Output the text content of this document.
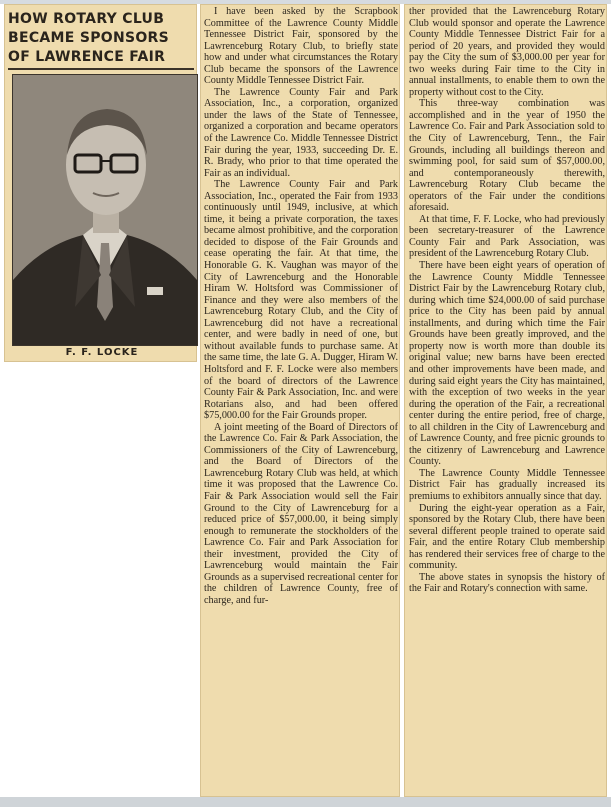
HOW ROTARY CLUB
BECAME SPONSORS
OF LAWRENCE FAIR
F. F. LOCKE

I have been asked by the Scrapbook Committee of the Lawrence County Middle Tennessee District Fair, sponsored by the Lawrenceburg Rotary Club, to briefly state how and under what circumstances the Rotary Club became the sponsors of the Lawrence County Middle Tennessee District Fair.

The Lawrence County Fair and Park Association, Inc., a corporation, organized under the laws of the State of Tennessee, organized a corporation and became operators of the Lawrence Co. Middle Tennessee District Fair during the year, 1933, succeeding Dr. E. R. Brady, who prior to that time operated the Fair as an individual.

The Lawrence County Fair and Park Association, Inc., operated the Fair from 1933 continuously until 1949, inclusive, at which time, it being a private corporation, the taxes became almost prohibitive, and the corporation decided to dispose of the Fair Grounds and cease operating the fair. At that time, the Honorable G. K. Vaughan was mayor of the City of Lawrenceburg and the Honorable Hiram W. Holtsford was Commissioner of Finance and they were also members of the Lawrenceburg Rotary Club, and the City of Lawrenceburg did not have a recreational center, and were badly in need of one, but without available funds to purchase same. At the same time, the late G. A. Dugger, Hiram W. Holtsford and F. F. Locke were also members of the board of directors of the Lawrence County Fair & Park Association, Inc. and were Rotarians also, and had been offered $75,000.00 for the Fair Grounds proper.

A joint meeting of the Board of Directors of the Lawrence Co. Fair & Park Association, the Commissioners of the City of Lawrenceburg, and the Board of Directors of the Lawrenceburg Rotary Club was held, at which time it was proposed that the Lawrence Co. Fair & Park Association would sell the Fair Ground to the City of Lawrenceburg for a reduced price of $57,000.00, it being simply enough to remunerate the stockholders of the Lawrence Co. Fair and Park Association for their investment, provided the City of Lawrenceburg would maintain the Fair Grounds as a supervised recreational center for the children of Lawrence County, free of charge, and fur-

ther provided that the Lawrenceburg Rotary Club would sponsor and operate the Lawrence County Middle Tennessee District Fair for a period of 20 years, and provided they would pay the City the sum of $3,000.00 per year for two weeks during Fair time to the City in annual installments, to enable them to own the property without cost to the City.

This three-way combination was accomplished and in the year of 1950 the Lawrence Co. Fair and Park Association sold to the City of Lawrenceburg, Tenn., the Fair Grounds, including all buildings thereon and swimming pool, for said sum of $57,000.00, and contemporaneously therewith, Lawrenceburg Rotary Club became the operators of the Fair under the conditions aforesaid.

At that time, F. F. Locke, who had previously been secretary-treasurer of the Lawrence County Fair and Park Association, was president of the Lawrenceburg Rotary Club.

There have been eight years of operation of the Lawrence County Middle Tennessee District Fair by the Lawrenceburg Rotary club, during which time $24,000.00 of said purchase price to the City has been paid by annual installments, and during which time the Fair Grounds have been greatly improved, and the property now is worth more than double its original value; new barns have been erected and other improvements have been made, and during said eight years the City has maintained, with the exception of two weeks in the year during the operation of the Fair, a recreational center during the entire period, free of charge, to all children in the City of Lawrenceburg and of Lawrence County, and free picnic grounds to the citizenry of Lawrenceburg and Lawrence County.

The Lawrence County Middle Tennessee District Fair has gradually increased its premiums to exhibitors annually since that day.

During the eight-year operation as a Fair, sponsored by the Rotary Club, there have been several different people trained to operate said Fair, and the entire Rotary Club membership has rendered their services free of charge to the community.

The above states in synopsis the history of the Fair and Rotary's connection with same.
